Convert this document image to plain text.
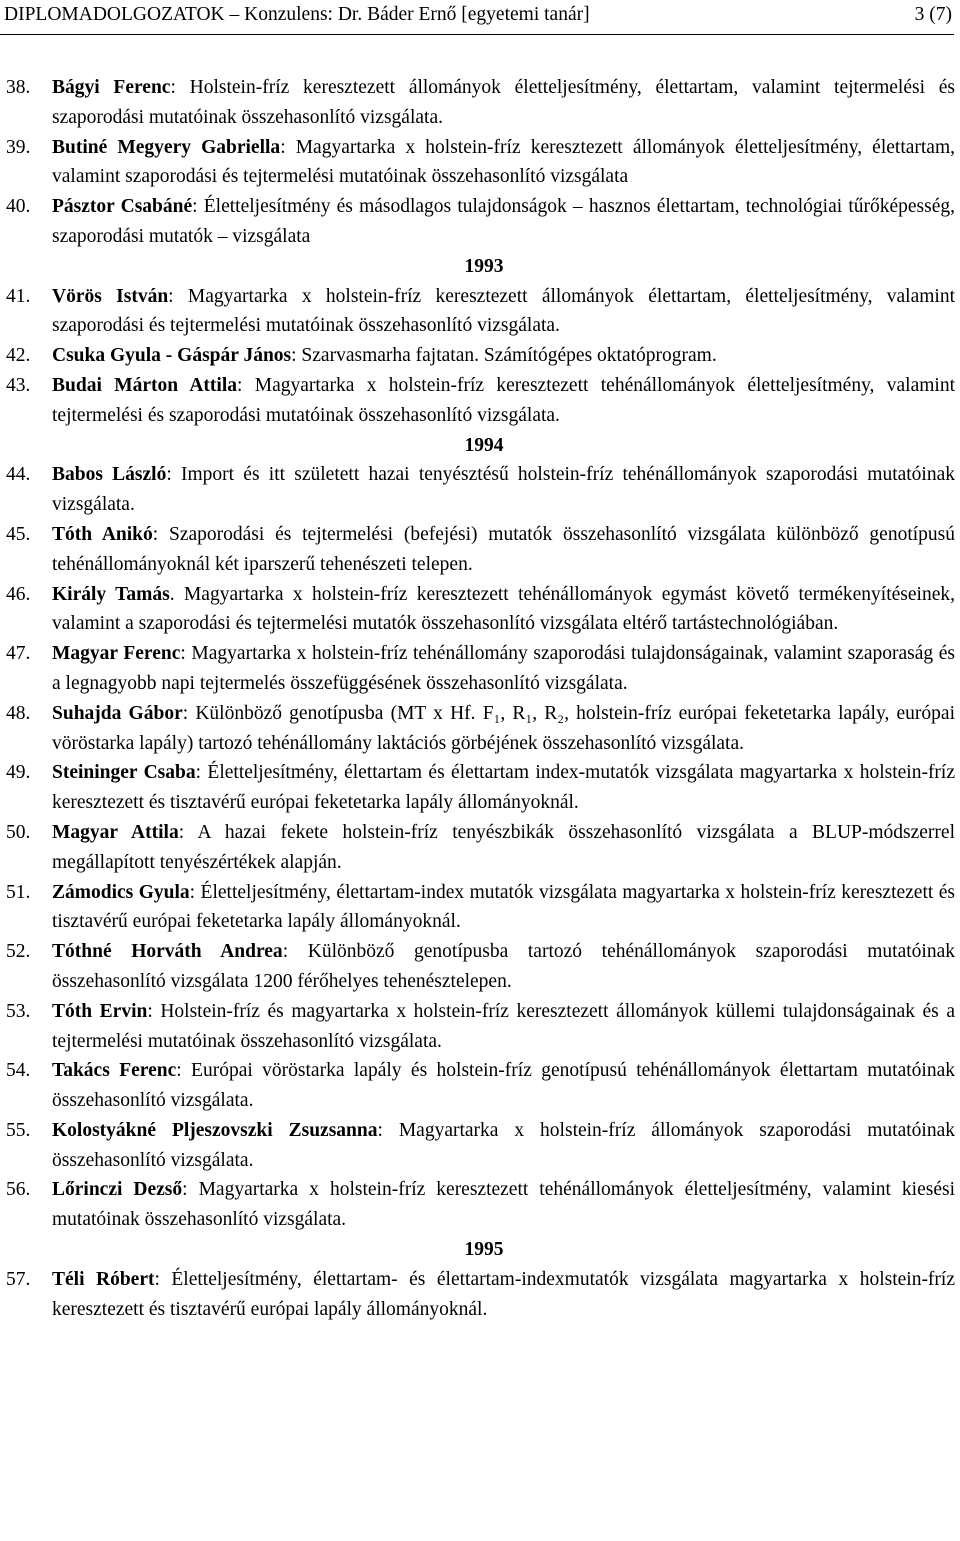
DIPLOMADOLGOZATOK – Konzulens: Dr. Báder Ernő [egyetemi tanár]	3 (7)
38. Bágyi Ferenc: Holstein-fríz keresztezett állományok életteljesítmény, élettartam, valamint tejtermelési és szaporodási mutatóinak összehasonlító vizsgálata.
39. Butiné Megyery Gabriella: Magyartarka x holstein-fríz keresztezett állományok életteljesítmény, élettartam, valamint szaporodási és tejtermelési mutatóinak összehasonlító vizsgálata
40. Pásztor Csabáné: Életteljesítmény és másodlagos tulajdonságok – hasznos élettartam, technológiai tűrőképesség, szaporodási mutatók – vizsgálata
1993
41. Vörös István: Magyartarka x holstein-fríz keresztezett állományok élettartam, életteljesítmény, valamint szaporodási és tejtermelési mutatóinak összehasonlító vizsgálata.
42. Csuka Gyula - Gáspár János: Szarvasmarha fajtatan. Számítógépes oktatóprogram.
43. Budai Márton Attila: Magyartarka x holstein-fríz keresztezett tehénállományok életteljesítmény, valamint tejtermelési és szaporodási mutatóinak összehasonlító vizsgálata.
1994
44. Babos László: Import és itt született hazai tenyésztésű holstein-fríz tehénállományok szaporodási mutatóinak vizsgálata.
45. Tóth Anikó: Szaporodási és tejtermelési (befejési) mutatók összehasonlító vizsgálata különböző genotípusú tehénállományoknál két iparszerű tehenészeti telepen.
46. Király Tamás. Magyartarka x holstein-fríz keresztezett tehénállományok egymást követő termékenyítéseinek, valamint a szaporodási és tejtermelési mutatók összehasonlító vizsgálata eltérő tartástechnológiában.
47. Magyar Ferenc: Magyartarka x holstein-fríz tehénállomány szaporodási tulajdonságainak, valamint szaporaság és a legnagyobb napi tejtermelés összefüggésének összehasonlító vizsgálata.
48. Suhajda Gábor: Különböző genotípusba (MT x Hf. F₁, R₁, R₂, holstein-fríz európai feketetarka lapály, európai vöröstarka lapály) tartozó tehénállomány laktációs görbéjének összehasonlító vizsgálata.
49. Steininger Csaba: Életteljesítmény, élettartam és élettartam index-mutatók vizsgálata magyartarka x holstein-fríz keresztezett és tisztavérű európai feketetarka lapály állományoknál.
50. Magyar Attila: A hazai fekete holstein-fríz tenyészbikák összehasonlító vizsgálata a BLUP-módszerrel megállapított tenyészértékek alapján.
51. Zámodics Gyula: Életteljesítmény, élettartam-index mutatók vizsgálata magyartarka x holstein-fríz keresztezett és tisztavérű európai feketetarka lapály állományoknál.
52. Tóthné Horváth Andrea: Különböző genotípusba tartozó tehénállományok szaporodási mutatóinak összehasonlító vizsgálata 1200 férőhelyes tehenésztelepen.
53. Tóth Ervin: Holstein-fríz és magyartarka x holstein-fríz keresztezett állományok küllemi tulajdonságainak és a tejtermelési mutatóinak összehasonlító vizsgálata.
54. Takács Ferenc: Európai vöröstarka lapály és holstein-fríz genotípusú tehénállományok élettartam mutatóinak összehasonlító vizsgálata.
55. Kolostyákné Pljeszovszki Zsuzsanna: Magyartarka x holstein-fríz állományok szaporodási mutatóinak összehasonlító vizsgálata.
56. Lőrinczi Dezső: Magyartarka x holstein-fríz keresztezett tehénállományok életteljesítmény, valamint kiesési mutatóinak összehasonlító vizsgálata.
1995
57. Téli Róbert: Életteljesítmény, élettartam- és élettartam-indexmutatók vizsgálata magyartarka x holstein-fríz keresztezett és tisztavérű európai lapály állományoknál.
